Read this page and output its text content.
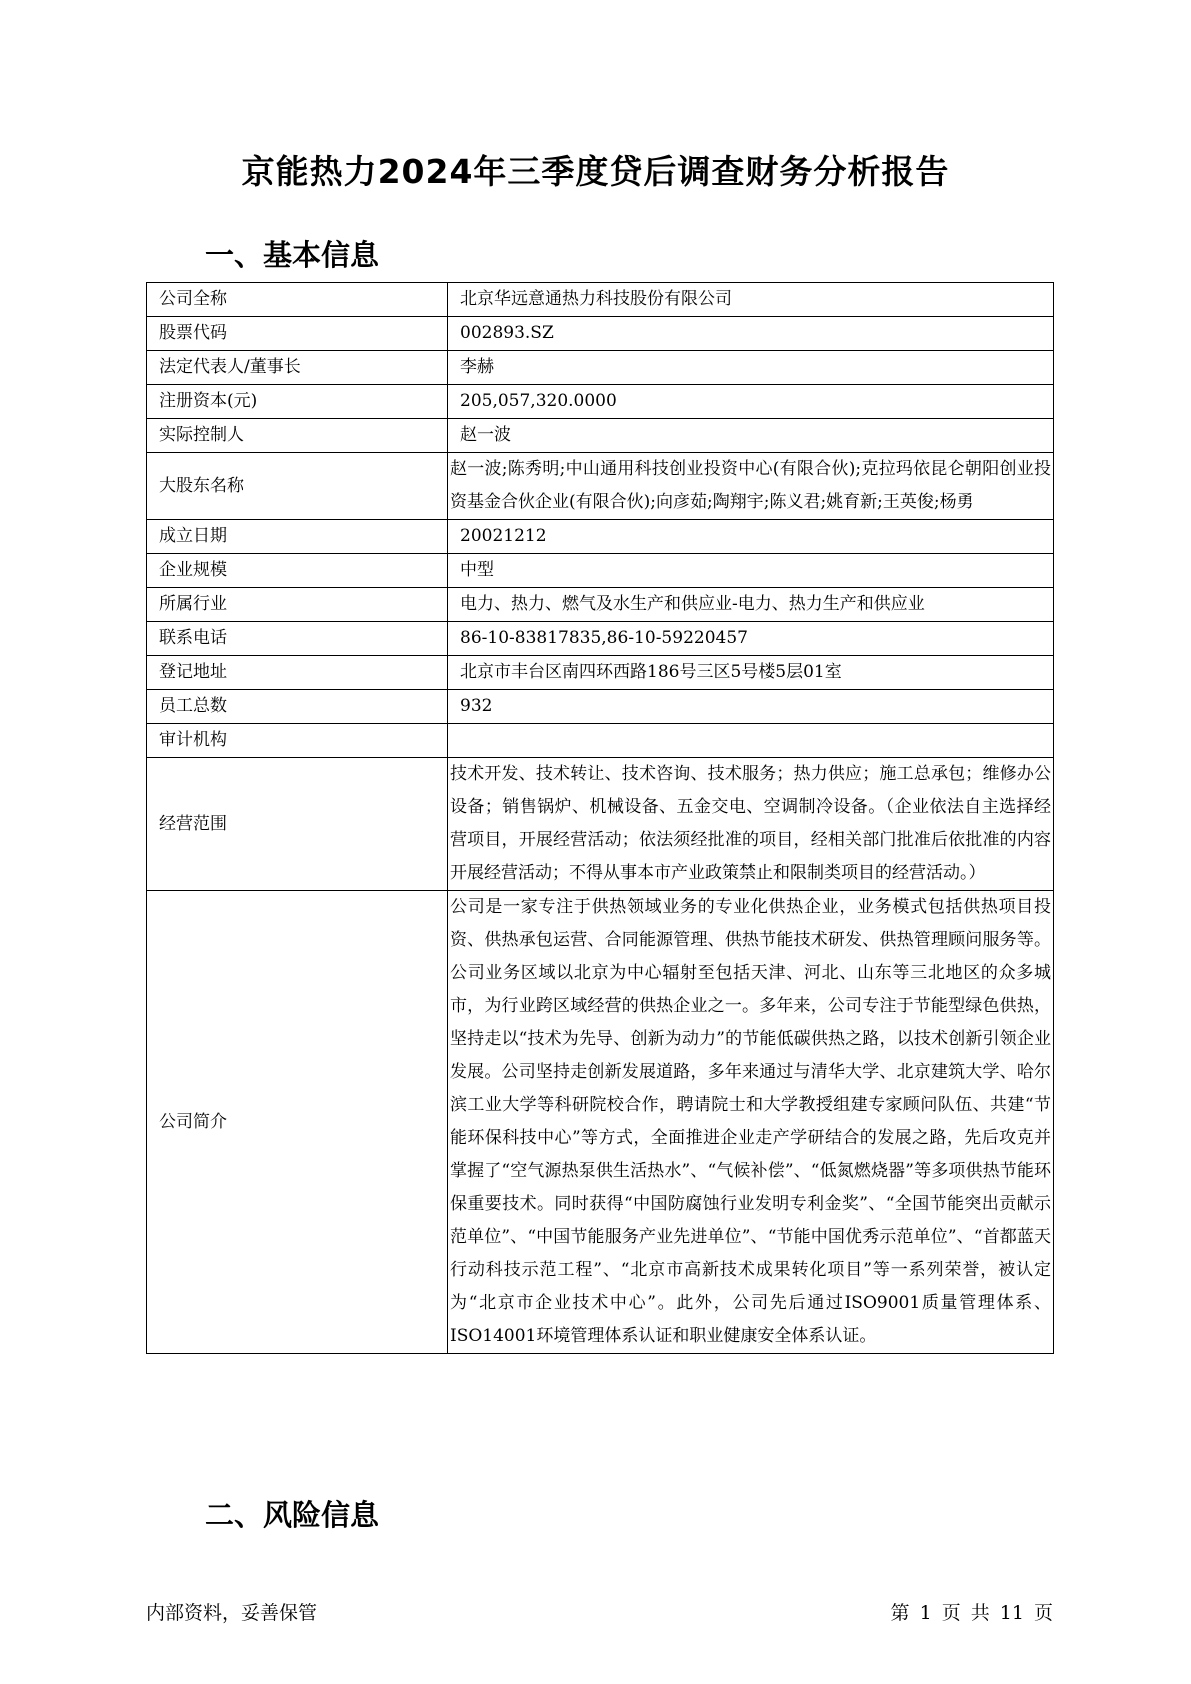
京能热力2024年三季度贷后调查财务分析报告
一、基本信息
公司全称	北京华远意通热力科技股份有限公司
股票代码	002893.SZ
法定代表人/董事长	李赫
注册资本(元)	205,057,320.0000
实际控制人	赵一波
大股东名称	赵一波;陈秀明;中山通用科技创业投资中心(有限合伙);克拉玛依昆仑朝阳创业投资基金合伙企业(有限合伙);向彦茹;陶翔宇;陈义君;姚育新;王英俊;杨勇
成立日期	20021212
企业规模	中型
所属行业	电力、热力、燃气及水生产和供应业-电力、热力生产和供应业
联系电话	86-10-83817835,86-10-59220457
登记地址	北京市丰台区南四环西路186号三区5号楼5层01室
员工总数	932
审计机构	
经营范围	技术开发、技术转让、技术咨询、技术服务；热力供应；施工总承包；维修办公设备；销售锅炉、机械设备、五金交电、空调制冷设备。（企业依法自主选择经营项目，开展经营活动；依法须经批准的项目，经相关部门批准后依批准的内容开展经营活动；不得从事本市产业政策禁止和限制类项目的经营活动。）
公司简介	公司是一家专注于供热领域业务的专业化供热企业，业务模式包括供热项目投资、供热承包运营、合同能源管理、供热节能技术研发、供热管理顾问服务等。公司业务区域以北京为中心辐射至包括天津、河北、山东等三北地区的众多城市，为行业跨区域经营的供热企业之一。多年来，公司专注于节能型绿色供热，坚持走以“技术为先导、创新为动力”的节能低碳供热之路，以技术创新引领企业发展。公司坚持走创新发展道路，多年来通过与清华大学、北京建筑大学、哈尔滨工业大学等科研院校合作，聘请院士和大学教授组建专家顾问队伍、共建“节能环保科技中心”等方式，全面推进企业走产学研结合的发展之路，先后攻克并掌握了“空气源热泵供生活热水”、“气候补偿”、“低氮燃烧器”等多项供热节能环保重要技术。同时获得“中国防腐蚀行业发明专利金奖”、“全国节能突出贡献示范单位”、“中国节能服务产业先进单位”、“节能中国优秀示范单位”、“首都蓝天行动科技示范工程”、“北京市高新技术成果转化项目”等一系列荣誉，被认定为“北京市企业技术中心”。此外，公司先后通过ISO9001质量管理体系、ISO14001环境管理体系认证和职业健康安全体系认证。
二、风险信息
内部资料，妥善保管	第 1 页 共 11 页
